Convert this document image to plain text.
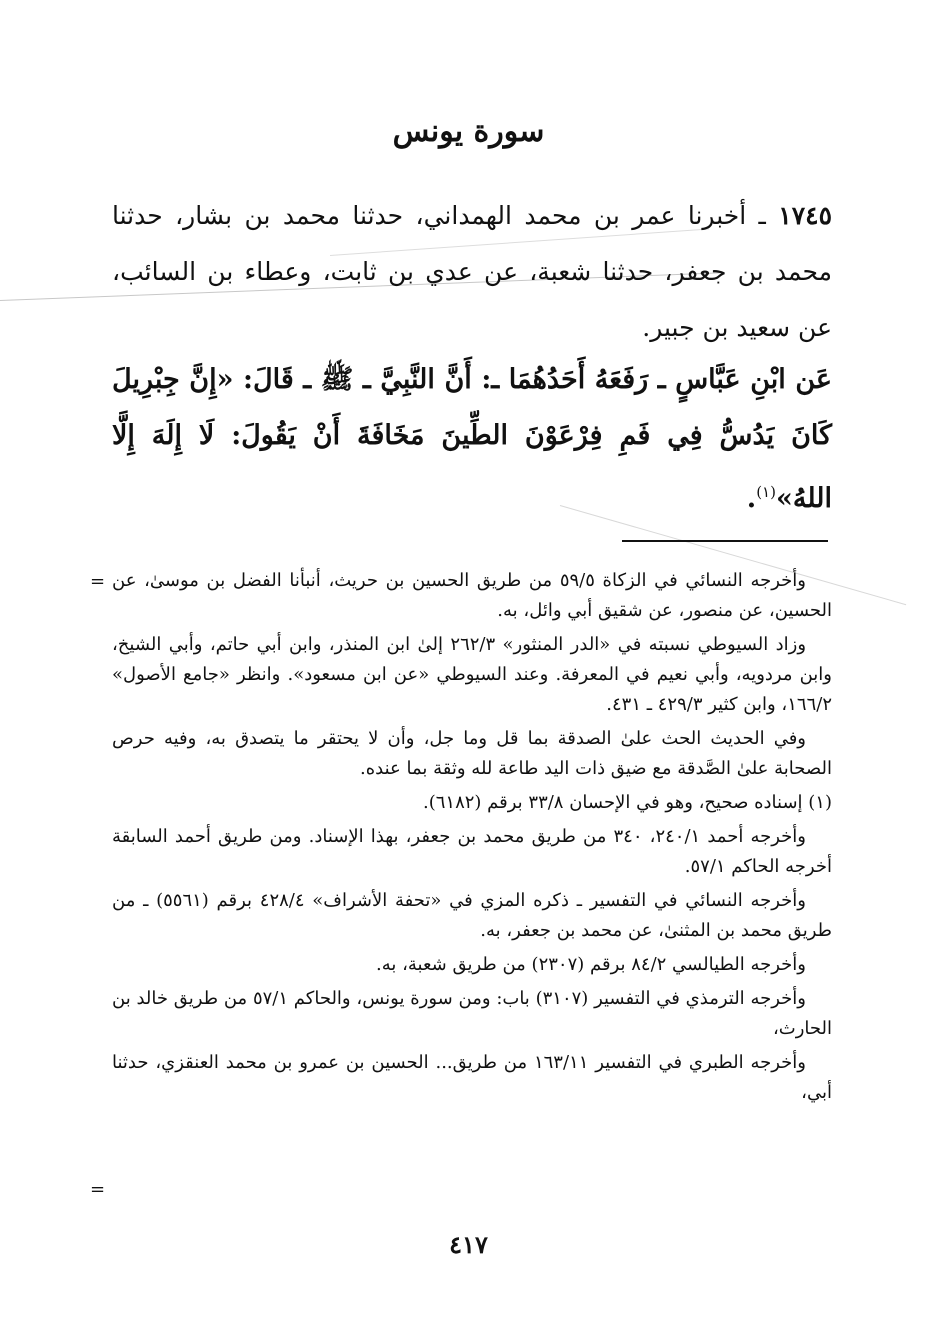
سورة يونس
١٧٤٥ ـ أخبرنا عمر بن محمد الهمداني، حدثنا محمد بن بشار، حدثنا محمد بن جعفر، حدثنا شعبة، عن عدي بن ثابت، وعطاء بن السائب، عن سعيد بن جبير.
عَن ابْنِ عَبَّاسٍ ـ رَفَعَهُ أَحَدُهُمَا ـ: أَنَّ النَّبِيَّ ـ ﷺ ـ قَالَ: «إِنَّ جِبْرِيلَ كَانَ يَدُسُّ فِي فَمِ فِرْعَوْنَ الطِّينَ مَخَافَةَ أَنْ يَقُولَ: لَا إِلَهَ إِلَّا اللهُ»$^{(١)}$.
= وأخرجه النسائي في الزكاة ٥٩/٥ من طريق الحسين بن حريث، أنبأنا الفضل بن موسىٰ، عن الحسين، عن منصور، عن شقيق أبي وائل، به.

وزاد السيوطي نسبته في «الدر المنثور» ٢٦٢/٣ إلىٰ ابن المنذر، وابن أبي حاتم، وأبي الشيخ، وابن مردويه، وأبي نعيم في المعرفة. وعند السيوطي «عن ابن مسعود». وانظر «جامع الأصول» ١٦٦/٢، وابن كثير ٤٢٩/٣ ـ ٤٣١.

وفي الحديث الحث علىٰ الصدقة بما قل وما جل، وأن لا يحتقر ما يتصدق به، وفيه حرص الصحابة علىٰ الصَّدقة مع ضيق ذات اليد طاعة لله وثقة بما عنده.

(١) إسناده صحيح، وهو في الإحسان ٣٣/٨ برقم (٦١٨٢).

وأخرجه أحمد ٢٤٠/١، ٣٤٠ من طريق محمد بن جعفر، بهذا الإسناد. ومن طريق أحمد السابقة أخرجه الحاكم ٥٧/١.

وأخرجه النسائي في التفسير ـ ذكره المزي في «تحفة الأشراف» ٤٢٨/٤ برقم (٥٥٦١) ـ من طريق محمد بن المثنىٰ، عن محمد بن جعفر، به.

وأخرجه الطيالسي ٨٤/٢ برقم (٢٣٠٧) من طريق شعبة، به.

وأخرجه الترمذي في التفسير (٣١٠٧) باب: ومن سورة يونس، والحاكم ٥٧/١ من طريق خالد بن الحارث،

وأخرجه الطبري في التفسير ١٦٣/١١ من طريق... الحسين بن عمرو بن محمد العنقزي، حدثنا أبي،

=
٤١٧
